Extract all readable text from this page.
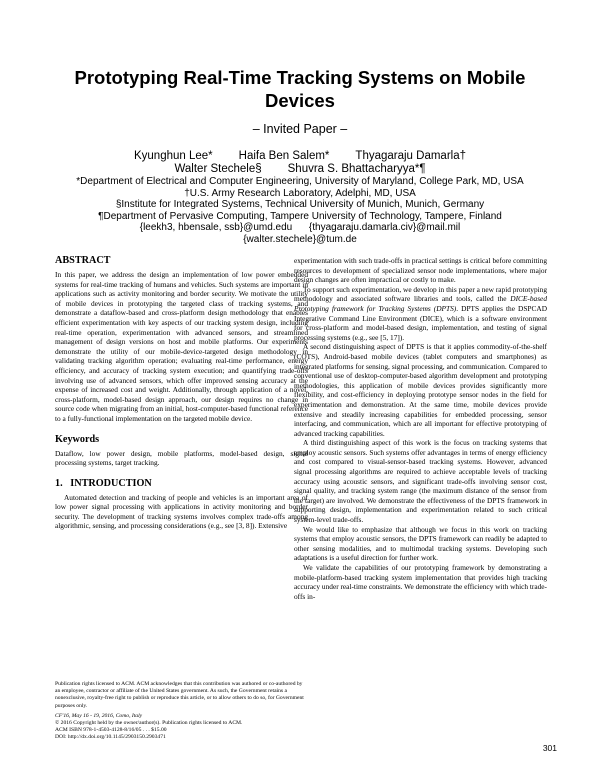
Prototyping Real-Time Tracking Systems on Mobile Devices
– Invited Paper –
Kyunghun Lee* Haifa Ben Salem* Thyagaraju Damarla†
Walter Stechele§ Shuvra S. Bhattacharyya*¶
*Department of Electrical and Computer Engineering, University of Maryland, College Park, MD, USA
†U.S. Army Research Laboratory, Adelphi, MD, USA
§Institute for Integrated Systems, Technical University of Munich, Munich, Germany
¶Department of Pervasive Computing, Tampere University of Technology, Tampere, Finland
{leekh3, hbensale, ssb}@umd.edu      {thyagaraju.damarla.civ}@mail.mil
{walter.stechele}@tum.de
ABSTRACT

In this paper, we address the design an implementation of low power embedded systems for real-time tracking of humans and vehicles. Such systems are important in applications such as activity monitoring and border security. We motivate the utility of mobile devices in prototyping the targeted class of tracking systems, and demonstrate a dataflow-based and cross-platform design methodology that enables efficient experimentation with key aspects of our tracking system design, including real-time operation, experimentation with advanced sensors, and streamlined management of design versions on host and mobile platforms. Our experiments demonstrate the utility of our mobile-device-targeted design methodology in validating tracking algorithm operation; evaluating real-time performance, energy efficiency, and accuracy of tracking system execution; and quantifying trade-offs involving use of advanced sensors, which offer improved sensing accuracy at the expense of increased cost and weight. Additionally, through application of a novel, cross-platform, model-based design approach, our design requires no change in source code when migrating from an initial, host-computer-based functional reference to a fully-functional implementation on the targeted mobile device.

Keywords

Dataflow, low power design, mobile platforms, model-based design, signal processing systems, target tracking.

1.   INTRODUCTION

Automated detection and tracking of people and vehicles is an important area of low power signal processing with applications in activity monitoring and border security. The development of tracking systems involves complex trade-offs among algorithmic, sensing, and processing considerations (e.g., see [3, 8]). Extensive

Publication rights licensed to ACM. ACM acknowledges that this contribution was authored or co-authored by an employee, contractor or affiliate of the United States government. As such, the Government retains a nonexclusive, royalty-free right to publish or reproduce this article, or to allow others to do so, for Government purposes only.

CF'16, May 16 - 19, 2016, Como, Italy

© 2016 Copyright held by the owner/author(s). Publication rights licensed to ACM.

ACM ISBN 978-1-4503-4128-8/16/05 . . . $15.00

DOI: http://dx.doi.org/10.1145/2903150.2903471

experimentation with such trade-offs in practical settings is critical before committing resources to development of specialized sensor node implementations, where major design changes are often impractical or costly to make.

To support such experimentation, we develop in this paper a new rapid prototyping methodology and associated software libraries and tools, called the DICE-based Prototyping framework for Tracking Systems (DPTS). DPTS applies the DSPCAD Integrative Command Line Environment (DICE), which is a software environment for cross-platform and model-based design, implementation, and testing of signal processing systems (e.g., see [5, 17]).

A second distinguishing aspect of DPTS is that it applies commodity-of-the-shelf (COTS), Android-based mobile devices (tablet computers and smartphones) as integrated platforms for sensing, signal processing, and communication. Compared to conventional use of desktop-computer-based algorithm development and prototyping methodologies, this application of mobile devices provides significantly more flexibility, and cost-efficiency in deploying prototype sensor nodes in the field for experimentation and demonstration. At the same time, mobile devices provide extensive and steadily increasing capabilities for embedded processing, sensor interfacing, and communication, which are all important for effective prototyping of advanced tracking capabilities.

A third distinguishing aspect of this work is the focus on tracking systems that employ acoustic sensors. Such systems offer advantages in terms of energy efficiency and cost compared to visual-sensor-based tracking systems. However, advanced signal processing algorithms are required to achieve acceptable levels of tracking accuracy using acoustic sensors, and significant trade-offs involving sensor cost, signal quality, and tracking system range (the maximum distance of the sensor from the target) are involved. We demonstrate the effectiveness of the DPTS framework in supporting design, implementation and experimentation related to such critical system-level trade-offs.

We would like to emphasize that although we focus in this work on tracking systems that employ acoustic sensors, the DPTS framework can readily be adapted to other sensing modalities, and to multimodal tracking systems. Developing such adaptations is a useful direction for further work.

We validate the capabilities of our prototyping framework by demonstrating a mobile-platform-based tracking system implementation that provides high tracking accuracy under real-time constraints. We demonstrate the efficiency with which trade-offs in-

301
